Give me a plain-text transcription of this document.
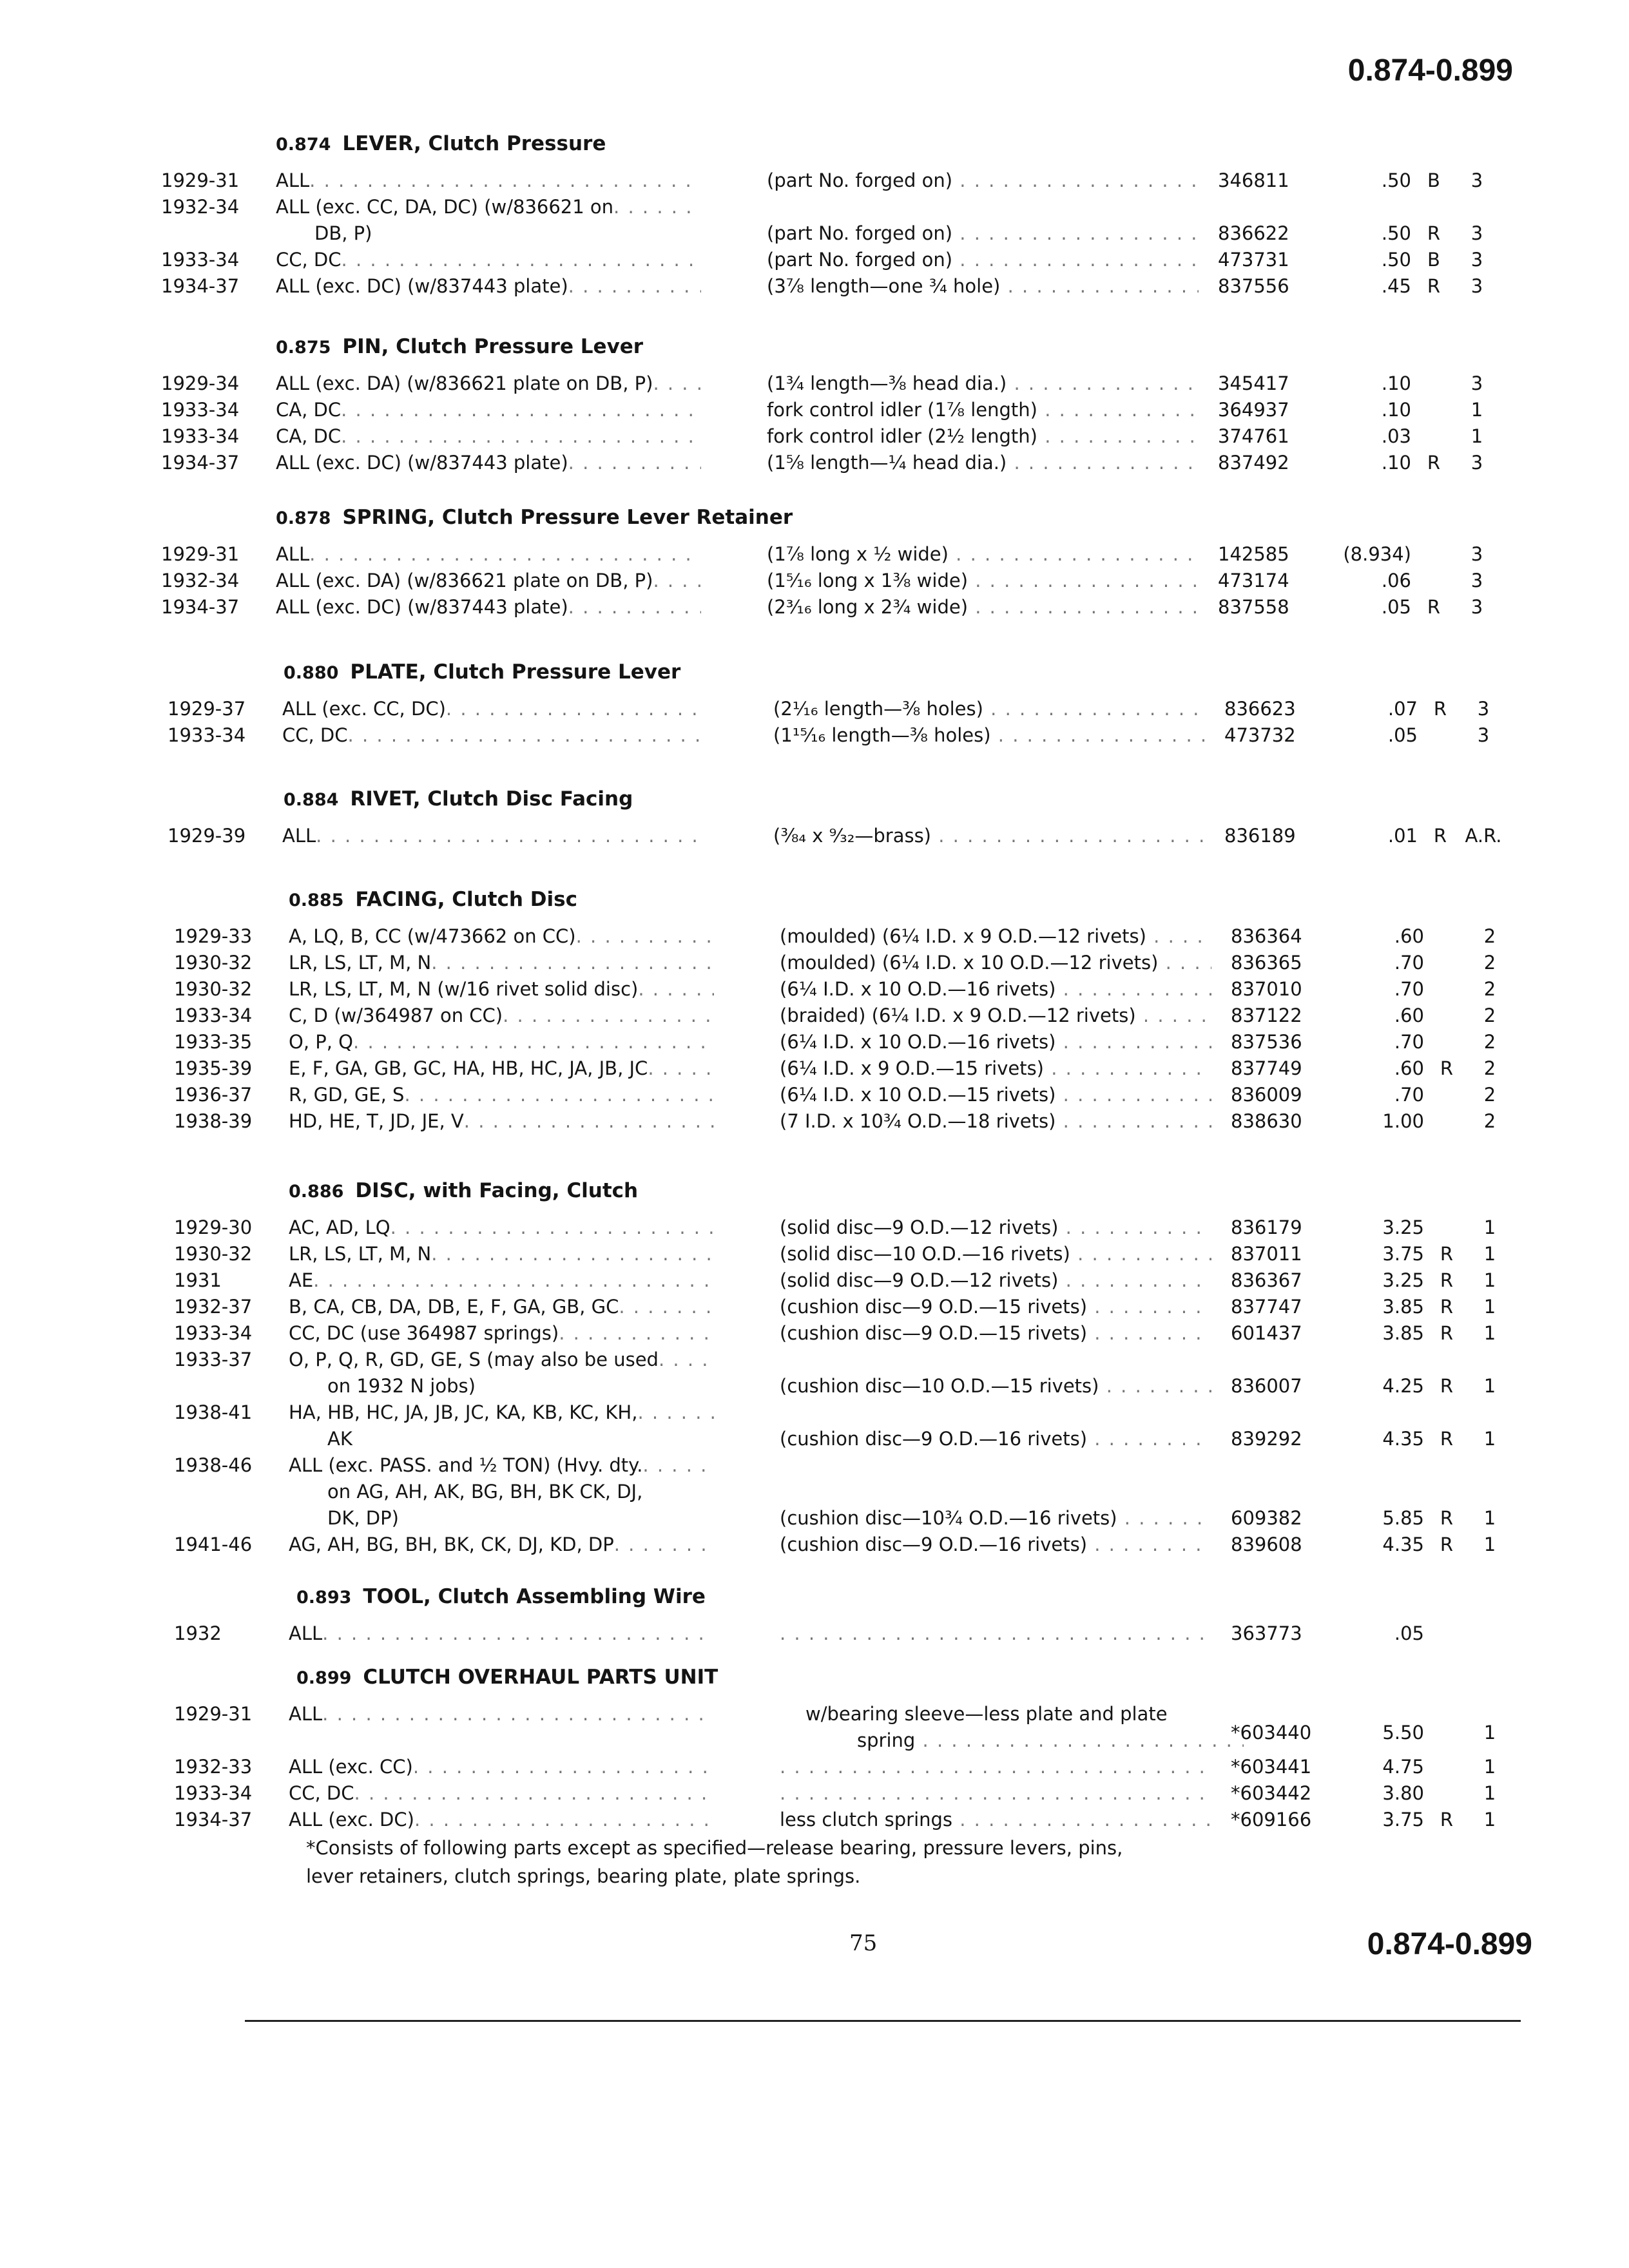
0.874-0.899
0.874 LEVER, Clutch Pressure
1929-31	ALL . . .	(part No. forged on) . . .	346811	.50 B	3
1932-34	ALL (exc. CC, DA, DC) (w/836621 on . . .
DB, P)	(part No. forged on) . . .	836622	.50 R	3
1933-34	CC, DC . . .	(part No. forged on) . . .	473731	.50 B	3
1934-37	ALL (exc. DC) (w/837443 plate) . . .	(3⅞ length—one ¾ hole) . . .	837556	.45 R	3
0.875 PIN, Clutch Pressure Lever
1929-34	ALL (exc. DA) (w/836621 plate on DB, P) . . .	(1¾ length—⅜ head dia.) . . .	345417	.10	3
1933-34	CA, DC . . .	fork control idler (1⅞ length) . . .	364937	.10	1
1933-34	CA, DC . . .	fork control idler (2½ length) . . .	374761	.03	1
1934-37	ALL (exc. DC) (w/837443 plate) . . .	(1⅝ length—¼ head dia.) . . .	837492	.10 R	3
0.878 SPRING, Clutch Pressure Lever Retainer
1929-31	ALL . . .	(1⅞ long x ½ wide) . . .	142585	(8.934)	3
1932-34	ALL (exc. DA) (w/836621 plate on DB, P) . . .	(1⁵⁄₁₆ long x 1⅜ wide) . . .	473174	.06	3
1934-37	ALL (exc. DC) (w/837443 plate) . . .	(2³⁄₁₆ long x 2¾ wide) . . .	837558	.05 R	3
0.880 PLATE, Clutch Pressure Lever
1929-37	ALL (exc. CC, DC) . . .	(2¹⁄₁₆ length—⅜ holes) . . .	836623	.07 R	3
1933-34	CC, DC . . .	(1¹⁵⁄₁₆ length—⅜ holes) . . .	473732	.05	3
0.884 RIVET, Clutch Disc Facing
1929-39	ALL . . .	(⅜₄ x ⁹⁄₃₂—brass) . . .	836189	.01 R A.R.
0.885 FACING, Clutch Disc
1929-33	A, LQ, B, CC (w/473662 on CC) . . .	(moulded) (6¼ I.D. x 9 O.D.—12 rivets) . . .	836364	.60	2
1930-32	LR, LS, LT, M, N . . .	(moulded) (6¼ I.D. x 10 O.D.—12 rivets) . . .	836365	.70	2
1930-32	LR, LS, LT, M, N (w/16 rivet solid disc) . . .	(6¼ I.D. x 10 O.D.—16 rivets) . . .	837010	.70	2
1933-34	C, D (w/364987 on CC) . . .	(braided) (6¼ I.D. x 9 O.D.—12 rivets) . . .	837122	.60	2
1933-35	O, P, Q . . .	(6¼ I.D. x 10 O.D.—16 rivets) . . .	837536	.70	2
1935-39	E, F, GA, GB, GC, HA, HB, HC, JA, JB, JC . . .	(6¼ I.D. x 9 O.D.—15 rivets) . . .	837749	.60 R	2
1936-37	R, GD, GE, S . . .	(6¼ I.D. x 10 O.D.—15 rivets) . . .	836009	.70	2
1938-39	HD, HE, T, JD, JE, V . . .	(7 I.D. x 10¾ O.D.—18 rivets) . . .	838630	1.00	2
0.886 DISC, with Facing, Clutch
1929-30	AC, AD, LQ . . .	(solid disc—9 O.D.—12 rivets) . . .	836179	3.25	1
1930-32	LR, LS, LT, M, N . . .	(solid disc—10 O.D.—16 rivets) . . .	837011	3.75 R	1
1931	AE . . .	(solid disc—9 O.D.—12 rivets) . . .	836367	3.25 R	1
1932-37	B, CA, CB, DA, DB, E, F, GA, GB, GC . . .	(cushion disc—9 O.D.—15 rivets) . . .	837747	3.85 R	1
1933-34	CC, DC (use 364987 springs) . . .	(cushion disc—9 O.D.—15 rivets) . . .	601437	3.85 R	1
1933-37	O, P, Q, R, GD, GE, S (may also be used . . .
on 1932 N jobs)	(cushion disc—10 O.D.—15 rivets) . . .	836007	4.25 R	1
1938-41	HA, HB, HC, JA, JB, JC, KA, KB, KC, KH, . . .
AK	(cushion disc—9 O.D.—16 rivets) . . .	839292	4.35 R	1
1938-46	ALL (exc. PASS. and ½ TON) (Hvy. dty. . . .
on AG, AH, AK, BG, BH, BK CK, DJ,
DK, DP)	(cushion disc—10¾ O.D.—16 rivets) . . .	609382	5.85 R	1
1941-46	AG, AH, BG, BH, BK, CK, DJ, KD, DP . . .	(cushion disc—9 O.D.—16 rivets) . . .	839608	4.35 R	1
0.893 TOOL, Clutch Assembling Wire
1932	ALL . . . . . .	363773	.05
0.899 CLUTCH OVERHAUL PARTS UNIT
1929-31	ALL . . .	w/bearing sleeve—less plate and plate
spring . . .	*603440	5.50	1
1932-33	ALL (exc. CC) . . . . . .	*603441	4.75	1
1933-34	CC, DC . . . . . .	*603442	3.80	1
1934-37	ALL (exc. DC) . . .	less clutch springs . . .	*609166	3.75 R	1
*Consists of following parts except as specified—release bearing, pressure levers, pins,
lever retainers, clutch springs, bearing plate, plate springs.
75	0.874-0.899
